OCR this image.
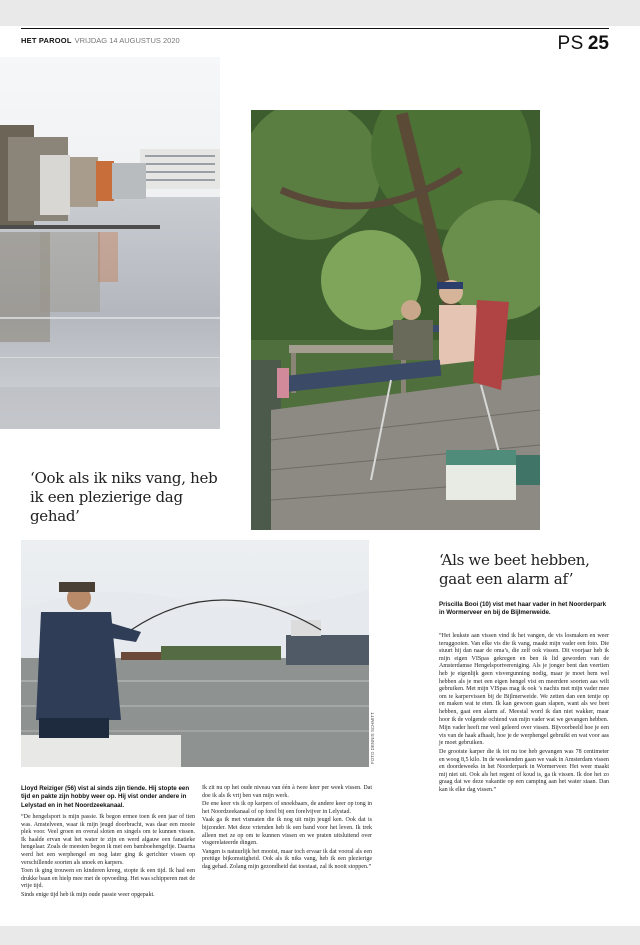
HET PAROOL VRIJDAG 14 AUGUSTUS 2020	PS 25
‘Ook als ik niks vang, heb ik een plezierige dag gehad’
FOTO DENNIS SCHMITT
‘Als we beet hebben, gaat een alarm af’
Priscilla Booi (10) vist met haar vader in het Noorderpark in Wormerveer en bij de Bijlmerweide.

“Het leukste aan vissen vind ik het vangen, de vis losmaken en weer teruggooien. Van elke vis die ik vang, maakt mijn vader een foto. Die stuurt hij dan naar de oma’s, die zelf ook vissen. Dit voorjaar heb ik mijn eigen VISpas gekregen en ben ik lid geworden van de Amsterdamse Hengelsportvereniging. Als je jonger bent dan veertien heb je eigenlijk geen visvergunning nodig, maar je moet hem wel hebben als je met een eigen hengel vist en meerdere soorten aas wilt gebruiken. Met mijn VISpas mag ik ook ’s nachts met mijn vader mee om te karpervissen bij de Bijlmerweide. We zetten dan een tentje op en maken wat te eten. Ik kan gewoon gaan slapen, want als we beet hebben, gaat een alarm af. Meestal word ik dan niet wakker, maar hoor ik de volgende ochtend van mijn vader wat we gevangen hebben.

Mijn vader heeft me veel geleerd over vissen. Bijvoorbeeld hoe je een vis van de haak afhaalt, hoe je de werphengel gebruikt en wat voor aas je moet gebruiken.

De grootste karper die ik tot nu toe heb gevangen was 78 centimeter en woog 8,5 kilo. In de weekenden gaan we vaak in Amsterdam vissen en doordeweeks in het Noorderpark in Wormerveer. Het weer maakt mij niet uit. Ook als het regent of koud is, ga ik vissen. Ik doe het zo graag dat we deze vakantie op een camping aan het water staan. Dan kan ik elke dag vissen.”

Lloyd Reiziger (56) vist al sinds zijn tiende. Hij stopte een tijd en pakte zijn hobby weer op. Hij vist onder andere in Lelystad en in het Noordzeekanaal.

“De hengelsport is mijn passie. Ik begon ermee toen ik een jaar of tien was. Amstelveen, waar ik mijn jeugd doorbracht, was daar een mooie plek voor. Veel groen en overal sloten en singels om te kunnen vissen. Ik haalde ervan wat het water te zijn en werd algauw een fanatieke hengelaar. Zoals de meesten begon ik met een bamboehengeltje. Daarna werd het een werphengel en nog later ging ik gerichter vissen op verschillende soorten als snoek en karpers.

Toen ik ging trouwen en kinderen kreeg, stopte ik een tijd. Ik had een drukke baan en hielp mee met de opvoeding. Het was schipperen met de vrije tijd.

Sinds enige tijd heb ik mijn oude passie weer opgepakt.

Ik zit nu op het oude niveau van één à twee keer per week vissen. Dat doe ik als ik vrij ben van mijn werk.

De ene keer vis ik op karpers of snoekbaars, de andere keer op tong in het Noordzeekanaal of op forel bij een forelvijver in Lelystad.

Vaak ga ik met vismaten die ik nog uit mijn jeugd ken. Ook dat is bijzonder. Met deze vrienden heb ik een band voor het leven. Ik trek alleen met ze op om te kunnen vissen en we praten uitsluitend over visgerelateerde dingen.

Vangen is natuurlijk het mooist, maar toch ervaar ik dat vooral als een prettige bijkomstigheid. Ook als ik niks vang, heb ik een plezierige dag gehad. Zolang mijn gezondheid dat toestaat, zal ik nooit stoppen.”
